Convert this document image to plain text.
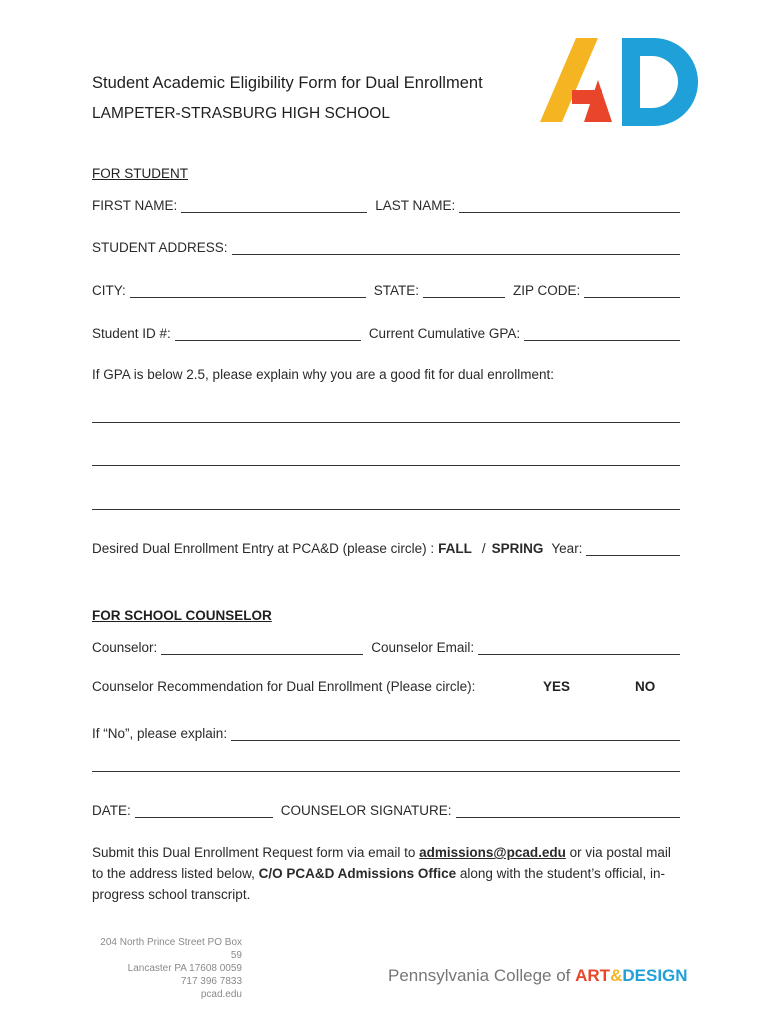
Student Academic Eligibility Form for Dual Enrollment
LAMPETER-STRASBURG HIGH SCHOOL
FOR STUDENT
FIRST NAME:	LAST NAME:
STUDENT ADDRESS:
CITY:	STATE:	ZIP CODE:
Student ID #:	Current Cumulative GPA:
If GPA is below 2.5, please explain why you are a good fit for dual enrollment:
Desired Dual Enrollment Entry at PCA&D (please circle) : FALL / SPRING Year:
FOR SCHOOL COUNSELOR
Counselor:	Counselor Email:
Counselor Recommendation for Dual Enrollment (Please circle):	YES	NO
If “No”, please explain:
DATE:	COUNSELOR SIGNATURE:
Submit this Dual Enrollment Request form via email to admissions@pcad.edu or via postal mail to the address listed below, C/O PCA&D Admissions Office along with the student’s official, in-progress school transcript.
204 North Prince Street PO Box 59
Lancaster PA 17608 0059
717 396 7833
pcad.edu
Pennsylvania College of ART&DESIGN
